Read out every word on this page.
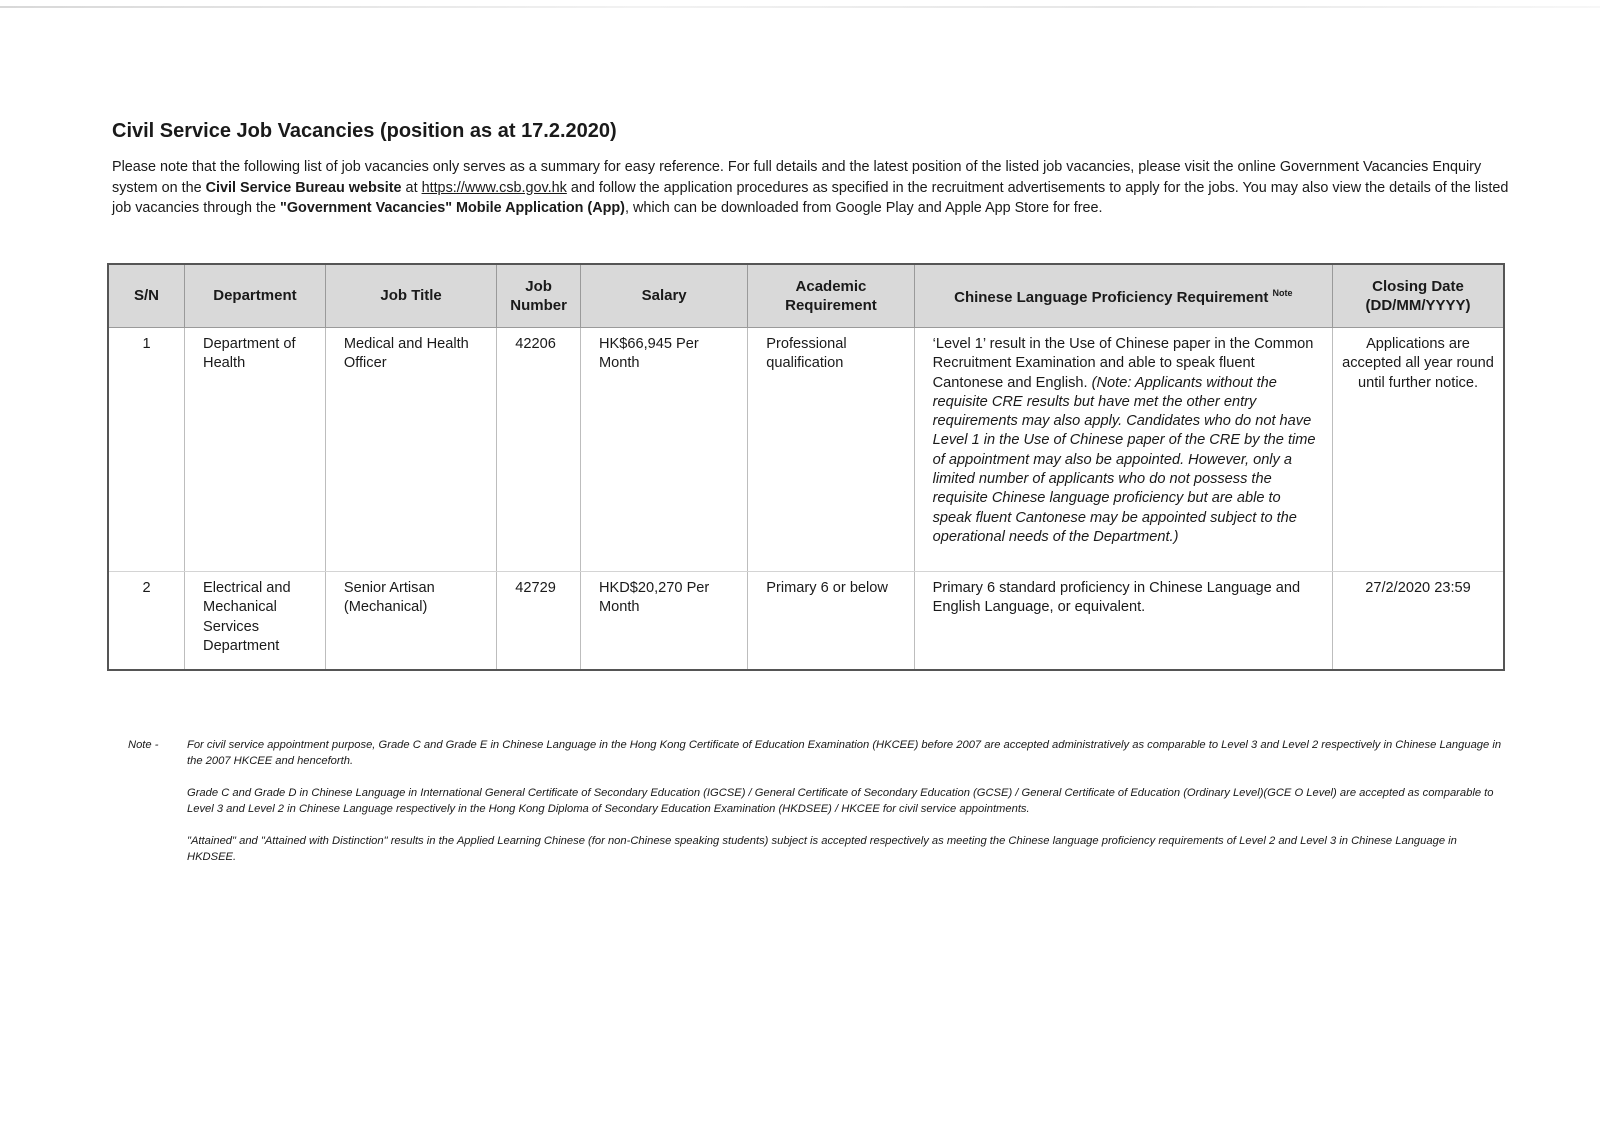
Civil Service Job Vacancies (position as at 17.2.2020)

Please note that the following list of job vacancies only serves as a summary for easy reference. For full details and the latest position of the listed job vacancies, please visit the online Government Vacancies Enquiry system on the Civil Service Bureau website at https://www.csb.gov.hk and follow the application procedures as specified in the recruitment advertisements to apply for the jobs. You may also view the details of the listed job vacancies through the "Government Vacancies" Mobile Application (App), which can be downloaded from Google Play and Apple App Store for free.

S/N	Department	Job Title	Job Number	Salary	Academic Requirement	Chinese Language Proficiency Requirement $^{Note}$	Closing Date (DD/MM/YYYY)
1	Department of Health	Medical and Health Officer	42206	HK$66,945 Per Month	Professional qualification	‘Level 1’ result in the Use of Chinese paper in the Common Recruitment Examination and able to speak fluent Cantonese and English. (Note: Applicants without the requisite CRE results but have met the other entry requirements may also apply. Candidates who do not have Level 1 in the Use of Chinese paper of the CRE by the time of appointment may also be appointed. However, only a limited number of applicants who do not possess the requisite Chinese language proficiency but are able to speak fluent Cantonese may be appointed subject to the operational needs of the Department.)	Applications are accepted all year round until further notice.
2	Electrical and Mechanical Services Department	Senior Artisan (Mechanical)	42729	HKD$20,270 Per Month	Primary 6 or below	Primary 6 standard proficiency in Chinese Language and English Language, or equivalent.	27/2/2020 23:59
Note -	For civil service appointment purpose, Grade C and Grade E in Chinese Language in the Hong Kong Certificate of Education Examination (HKCEE) before 2007 are accepted administratively as comparable to Level 3 and Level 2 respectively in Chinese Language in the 2007 HKCEE and henceforth.

Grade C and Grade D in Chinese Language in International General Certificate of Secondary Education (IGCSE) / General Certificate of Secondary Education (GCSE) / General Certificate of Education (Ordinary Level)(GCE O Level) are accepted as comparable to Level 3 and Level 2 in Chinese Language respectively in the Hong Kong Diploma of Secondary Education Examination (HKDSEE) / HKCEE for civil service appointments.

"Attained" and "Attained with Distinction" results in the Applied Learning Chinese (for non-Chinese speaking students) subject is accepted respectively as meeting the Chinese language proficiency requirements of Level 2 and Level 3 in Chinese Language in HKDSEE.
